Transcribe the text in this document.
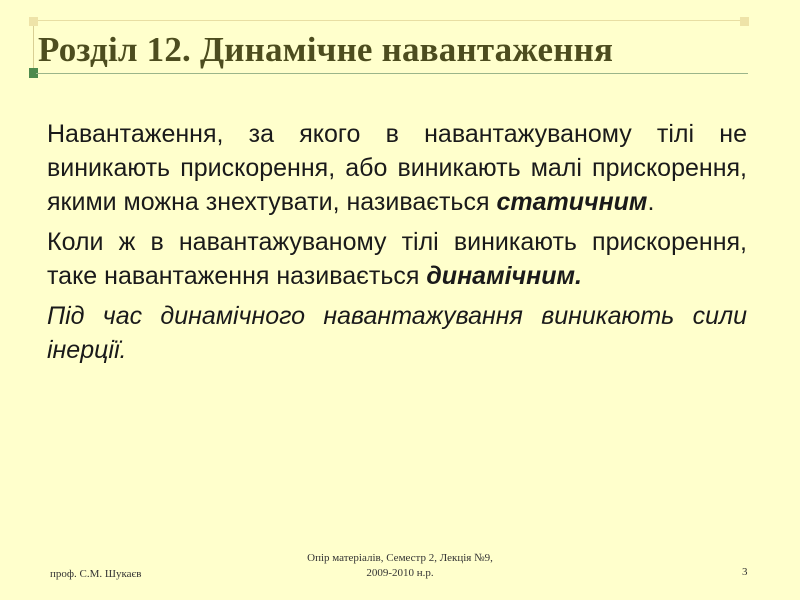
Розділ 12. Динамічне навантаження

Навантаження, за якого в навантажуваному тілі не виникають прискорення, або виникають малі прискорення, якими можна знехтувати, називається статичним.

Коли ж в навантажуваному тілі виникають прискорення, таке навантаження називається динамічним.

Під час динамічного навантажування виникають сили інерції.

проф. С.М. Шукаєв
Опір матеріалів, Семестр 2, Лекція №9,
2009-2010 н.р.	3
